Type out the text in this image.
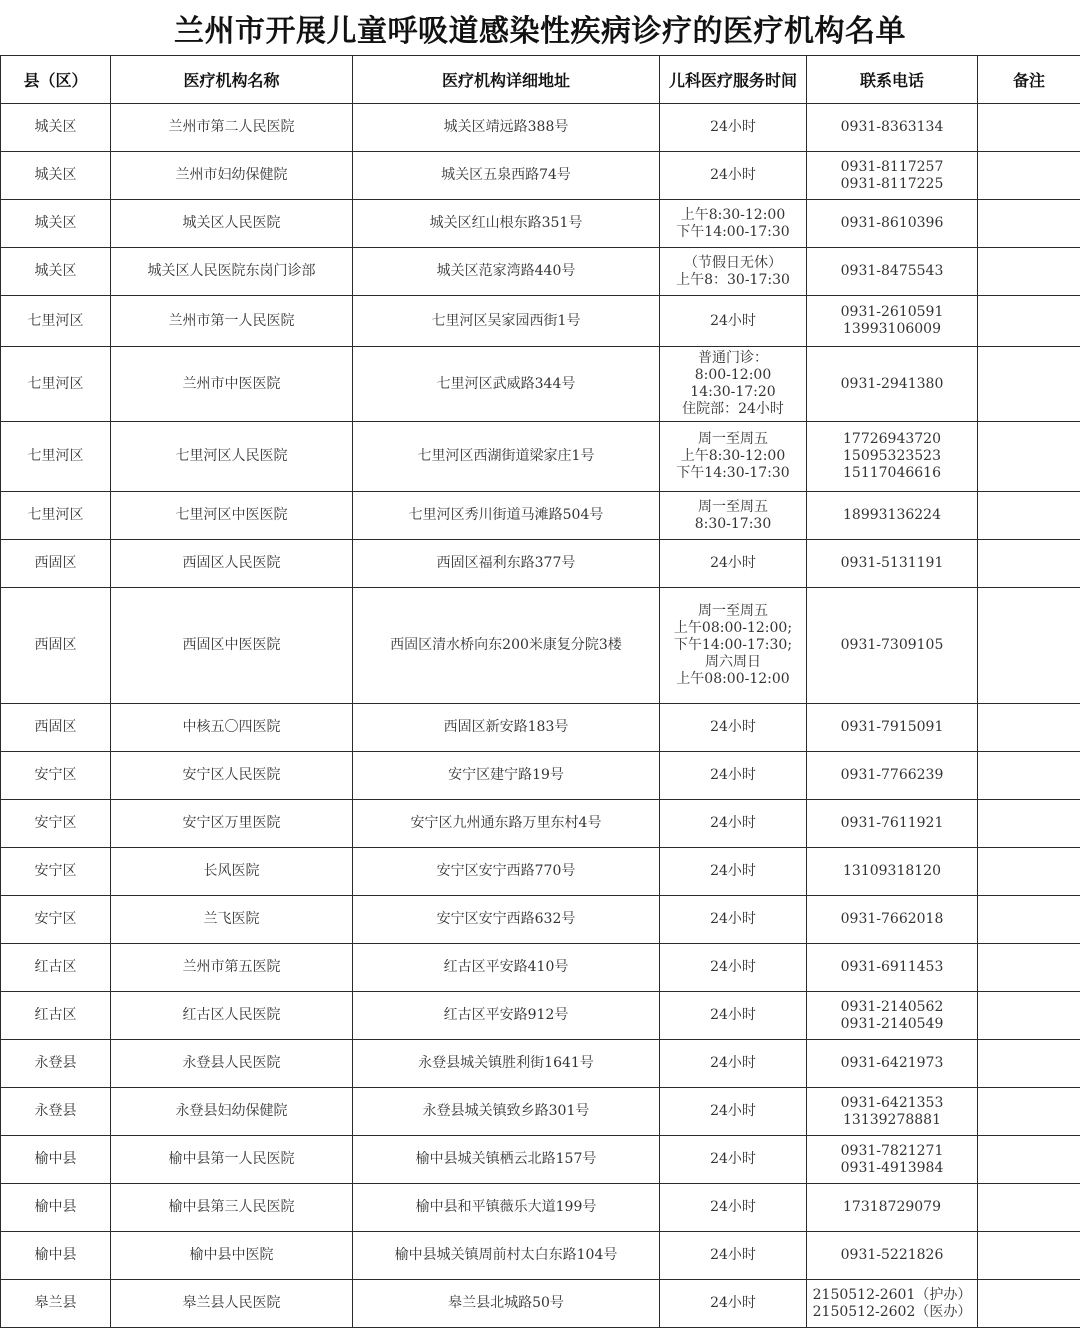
兰州市开展儿童呼吸道感染性疾病诊疗的医疗机构名单
县（区）	医疗机构名称	医疗机构详细地址	儿科医疗服务时间	联系电话	备注
城关区	兰州市第二人民医院	城关区靖远路388号	24小时	0931-8363134	

城关区	兰州市妇幼保健院	城关区五泉西路74号	24小时	0931-8117257
0931-8117225	

城关区	城关区人民医院	城关区红山根东路351号	上午8:30-12:00
下午14:00-17:30	0931-8610396	

城关区	城关区人民医院东岗门诊部	城关区范家湾路440号	（节假日无休）
上午8：30-17:30	0931-8475543	

七里河区	兰州市第一人民医院	七里河区吴家园西街1号	24小时	0931-2610591
13993106009	

七里河区	兰州市中医医院	七里河区武威路344号	普通门诊：
8:00-12:00
14:30-17:20
住院部：24小时	0931-2941380	

七里河区	七里河区人民医院	七里河区西湖街道梁家庄1号	周一至周五
上午8:30-12:00
下午14:30-17:30	17726943720
15095323523
15117046616	

七里河区	七里河区中医医院	七里河区秀川街道马滩路504号	周一至周五
8:30-17:30	18993136224	

西固区	西固区人民医院	西固区福利东路377号	24小时	0931-5131191	

西固区	西固区中医医院	西固区清水桥向东200米康复分院3楼	周一至周五
上午08:00-12:00;
下午14:00-17:30;
周六周日
上午08:00-12:00	0931-7309105	

西固区	中核五〇四医院	西固区新安路183号	24小时	0931-7915091	

安宁区	安宁区人民医院	安宁区建宁路19号	24小时	0931-7766239	

安宁区	安宁区万里医院	安宁区九州通东路万里东村4号	24小时	0931-7611921	

安宁区	长风医院	安宁区安宁西路770号	24小时	13109318120	

安宁区	兰飞医院	安宁区安宁西路632号	24小时	0931-7662018	

红古区	兰州市第五医院	红古区平安路410号	24小时	0931-6911453	

红古区	红古区人民医院	红古区平安路912号	24小时	0931-2140562
0931-2140549	

永登县	永登县人民医院	永登县城关镇胜利街1641号	24小时	0931-6421973	

永登县	永登县妇幼保健院	永登县城关镇致乡路301号	24小时	0931-6421353
13139278881	

榆中县	榆中县第一人民医院	榆中县城关镇栖云北路157号	24小时	0931-7821271
0931-4913984	

榆中县	榆中县第三人民医院	榆中县和平镇薇乐大道199号	24小时	17318729079	

榆中县	榆中县中医院	榆中县城关镇周前村太白东路104号	24小时	0931-5221826	

皋兰县	皋兰县人民医院	皋兰县北城路50号	24小时	2150512-2601（护办）
2150512-2602（医办）	
